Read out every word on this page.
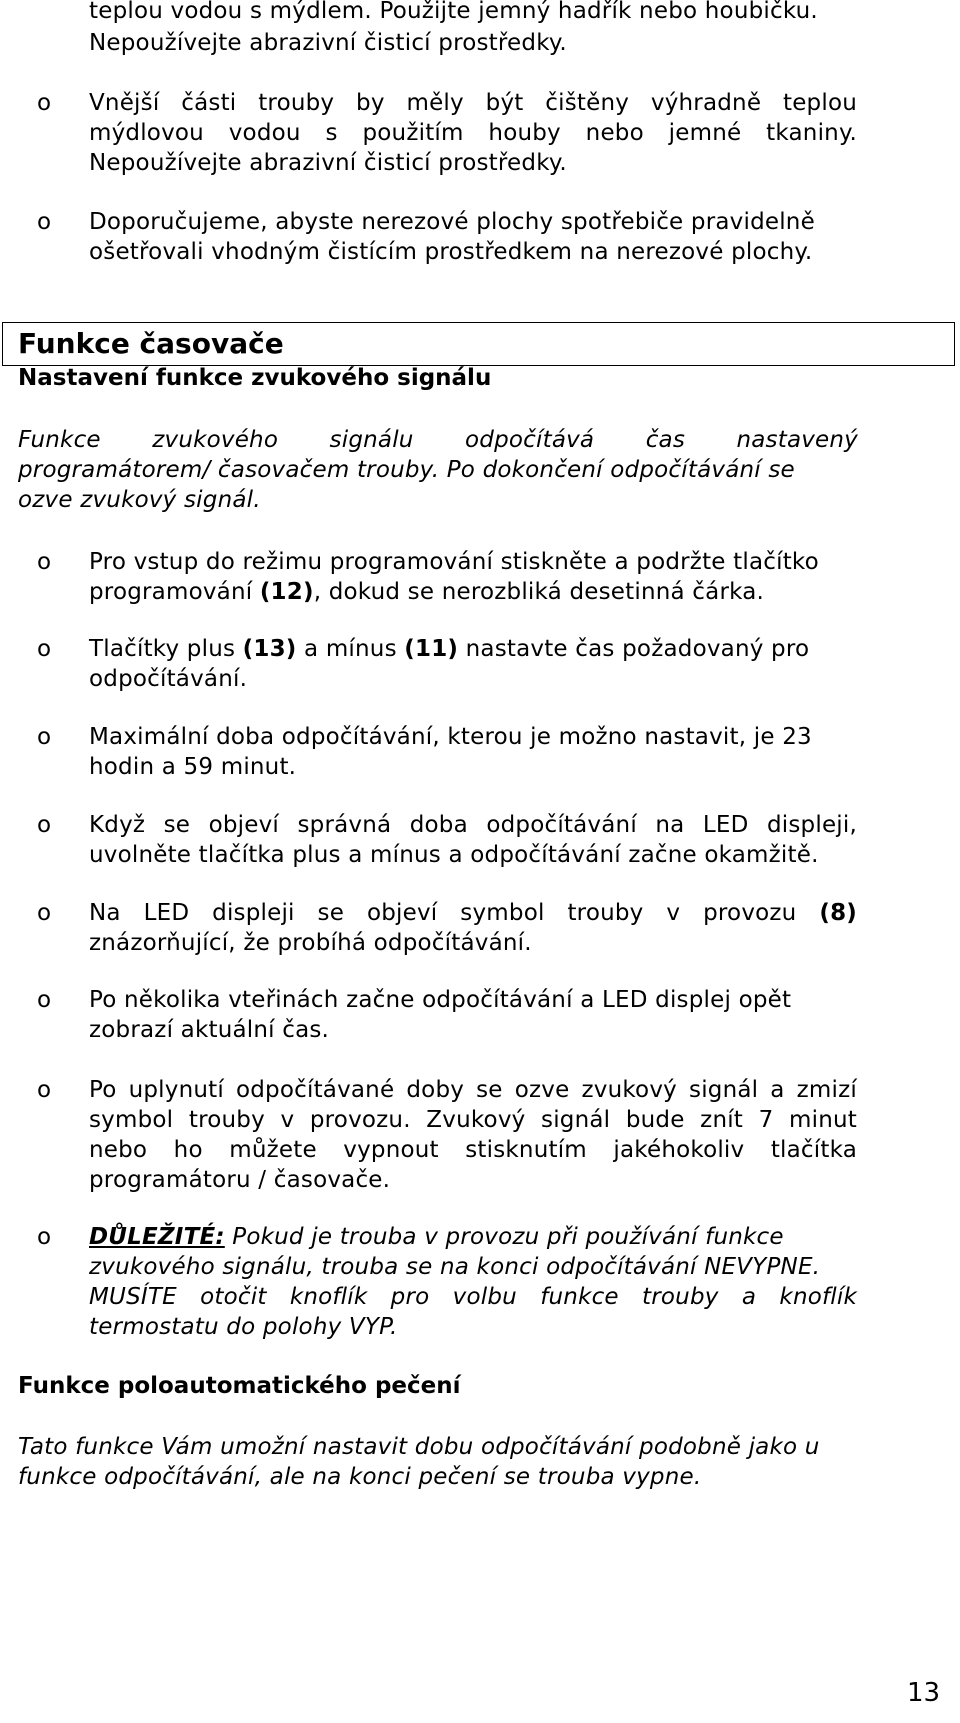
teplou vodou s mýdlem. Použijte jemný hadřík nebo houbičku.
Nepoužívejte abrazivní čisticí prostředky.
o Vnější části trouby by měly být čištěny výhradně teplou
mýdlovou vodou s použitím houby nebo jemné tkaniny.
Nepoužívejte abrazivní čisticí prostředky.
o Doporučujeme, abyste nerezové plochy spotřebiče pravidelně
ošetřovali vhodným čistícím prostředkem na nerezové plochy.
Funkce časovače
Nastavení funkce zvukového signálu
Funkce zvukového signálu odpočítává čas nastavený
programátorem/ časovačem trouby. Po dokončení odpočítávání se
ozve zvukový signál.
o Pro vstup do režimu programování stiskněte a podržte tlačítko
programování (12), dokud se nerozbliká desetinná čárka.
o Tlačítky plus (13) a mínus (11) nastavte čas požadovaný pro
odpočítávání.
o Maximální doba odpočítávání, kterou je možno nastavit, je 23
hodin a 59 minut.
o Když se objeví správná doba odpočítávání na LED displeji,
uvolněte tlačítka plus a mínus a odpočítávání začne okamžitě.
o Na LED displeji se objeví symbol trouby v provozu (8)
znázorňující, že probíhá odpočítávání.
o Po několika vteřinách začne odpočítávání a LED displej opět
zobrazí aktuální čas.
o Po uplynutí odpočítávané doby se ozve zvukový signál a zmizí
symbol trouby v provozu. Zvukový signál bude znít 7 minut
nebo ho můžete vypnout stisknutím jakéhokoliv tlačítka
programátoru / časovače.
o DŮLEŽITÉ: Pokud je trouba v provozu při používání funkce
zvukového signálu, trouba se na konci odpočítávání NEVYPNE.
MUSÍTE otočit knoflík pro volbu funkce trouby a knoflík
termostatu do polohy VYP.
Funkce poloautomatického pečení
Tato funkce Vám umožní nastavit dobu odpočítávání podobně jako u
funkce odpočítávání, ale na konci pečení se trouba vypne.
13
